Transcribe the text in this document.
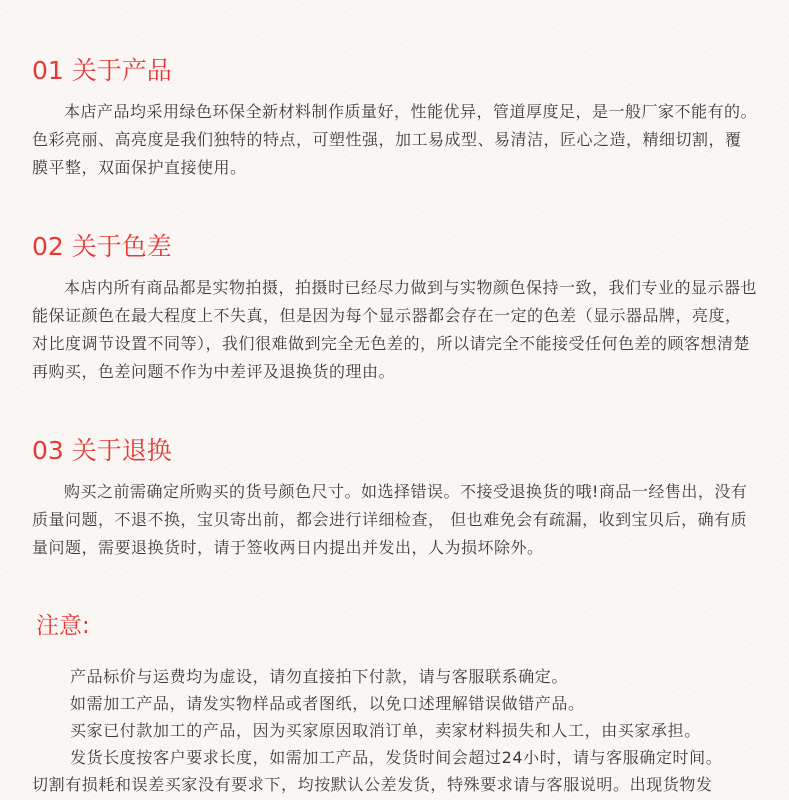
01 关于产品
本店产品均采用绿色环保全新材料制作质量好，性能优异，管道厚度足，是一般厂家不能有的。色彩亮丽、高亮度是我们独特的特点，可塑性强，加工易成型、易清洁，匠心之造，精细切割，覆膜平整，双面保护直接使用。
02 关于色差
本店内所有商品都是实物拍摄，拍摄时已经尽力做到与实物颜色保持一致，我们专业的显示器也能保证颜色在最大程度上不失真，但是因为每个显示器都会存在一定的色差（显示器品牌，亮度，对比度调节设置不同等），我们很难做到完全无色差的，所以请完全不能接受任何色差的顾客想清楚再购买，色差问题不作为中差评及退换货的理由。
03 关于退换
购买之前需确定所购买的货号颜色尺寸。如选择错误。不接受退换货的哦!商品一经售出，没有质量问题，不退不换，宝贝寄出前，都会进行详细检查， 但也难免会有疏漏，收到宝贝后，确有质量问题，需要退换货时，请于签收两日内提出并发出，人为损坏除外。
注意:
产品标价与运费均为虚设，请勿直接拍下付款，请与客服联系确定。
如需加工产品，请发实物样品或者图纸，以免口述理解错误做错产品。
买家已付款加工的产品，因为买家原因取消订单，卖家材料损失和人工，由买家承担。
发货长度按客户要求长度，如需加工产品，发货时间会超过24小时，请与客服确定时间。
切割有损耗和误差买家没有要求下，均按默认公差发货，特殊要求请与客服说明。出现货物发
